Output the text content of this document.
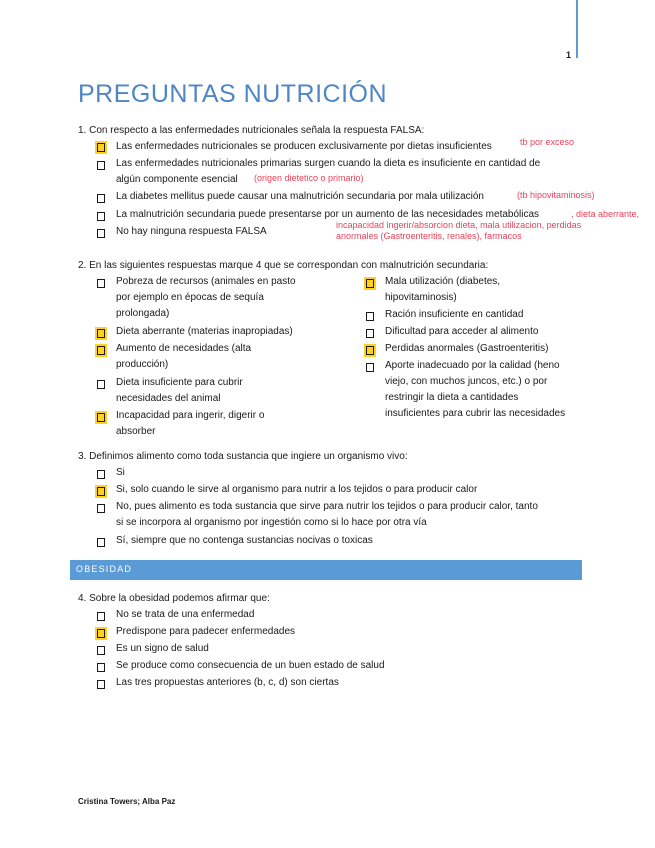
1
PREGUNTAS NUTRICIÓN
1. Con respecto a las enfermedades nutricionales señala la respuesta FALSA:
Las enfermedades nutricionales se producen exclusivamente por dietas insuficientes	tb por exceso
Las enfermedades nutricionales primarias surgen cuando la dieta es insuficiente en cantidad de
algún componente esencial (origen dietetico o primario)
La diabetes mellitus puede causar una malnutrición secundaria por mala utilización	(tb hipovitaminosis)
La malnutrición secundaria puede presentarse por un aumento de las necesidades metabólicas	, dieta aberrante,
incapacidad ingerir/absorcion dieta, mala utilizacion, perdidas
anormales (Gastroenteritis, renales), farmacos
No hay ninguna respuesta FALSA
2. En las siguientes respuestas marque 4 que se correspondan con malnutrición secundaria:
Pobreza de recursos (animales en pasto
por ejemplo en épocas de sequía
prolongada)
Dieta aberrante (materias inapropiadas)
Aumento de necesidades (alta
producción)
Dieta insuficiente para cubrir
necesidades del animal
Incapacidad para ingerir, digerir o
absorber
Mala utilización (diabetes,
hipovitaminosis)
Ración insuficiente en cantidad
Dificultad para acceder al alimento
Perdidas anormales (Gastroenteritis)
Aporte inadecuado por la calidad (heno
viejo, con muchos juncos, etc.) o por
restringir la dieta a cantidades
insuficientes para cubrir las necesidades
3. Definimos alimento como toda sustancia que ingiere un organismo vivo:
Si
Si, solo cuando le sirve al organismo para nutrir a los tejidos o para producir calor
No, pues alimento es toda sustancia que sirve para nutrir los tejidos o para producir calor, tanto
si se incorpora al organismo por ingestión como si lo hace por otra vía
Sí, siempre que no contenga sustancias nocivas o toxicas
OBESIDAD
4. Sobre la obesidad podemos afirmar que:
No se trata de una enfermedad
Predispone para padecer enfermedades
Es un signo de salud
Se produce como consecuencia de un buen estado de salud
Las tres propuestas anteriores (b, c, d) son ciertas
Cristina Towers; Alba Paz
